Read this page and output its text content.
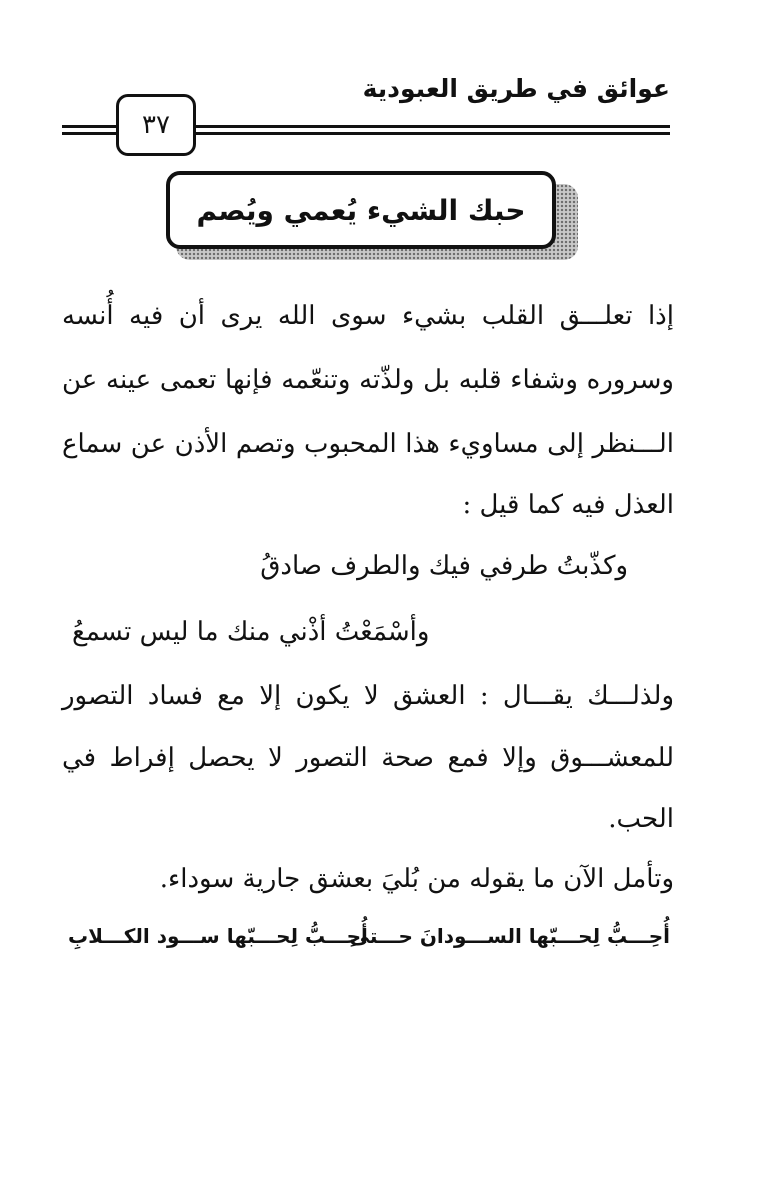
عوائق في طريق العبودية
٣٧
حبك الشيء يُعمي ويُصم
إذا تعلـــق القلب بشيء سوى الله يرى أن فيه أُنسه
وسروره وشفاء قلبه بل ولذّته وتنعّمه فإنها تعمى عينه عن
الـــنظر إلى مساويء هذا المحبوب وتصم الأذن عن سماع
العذل فيه كما قيل :
وكذّبتُ طرفي فيك والطرف صادقُ
وأسْمَعْتُ أذْني منك ما ليس تسمعُ
ولذلـــك يقـــال : العشق لا يكون إلا مع فساد التصور
للمعشـــوق وإلا فمع صحة التصور لا يحصل إفراط في
الحب.
وتأمل الآن ما يقوله من بُليَ بعشق جارية سوداء.
أُحِـــبُّ لِحـــبّها الســـودانَ حـــتى
أُحِـــبُّ لِحـــبّها ســـود الكـــلابِ
